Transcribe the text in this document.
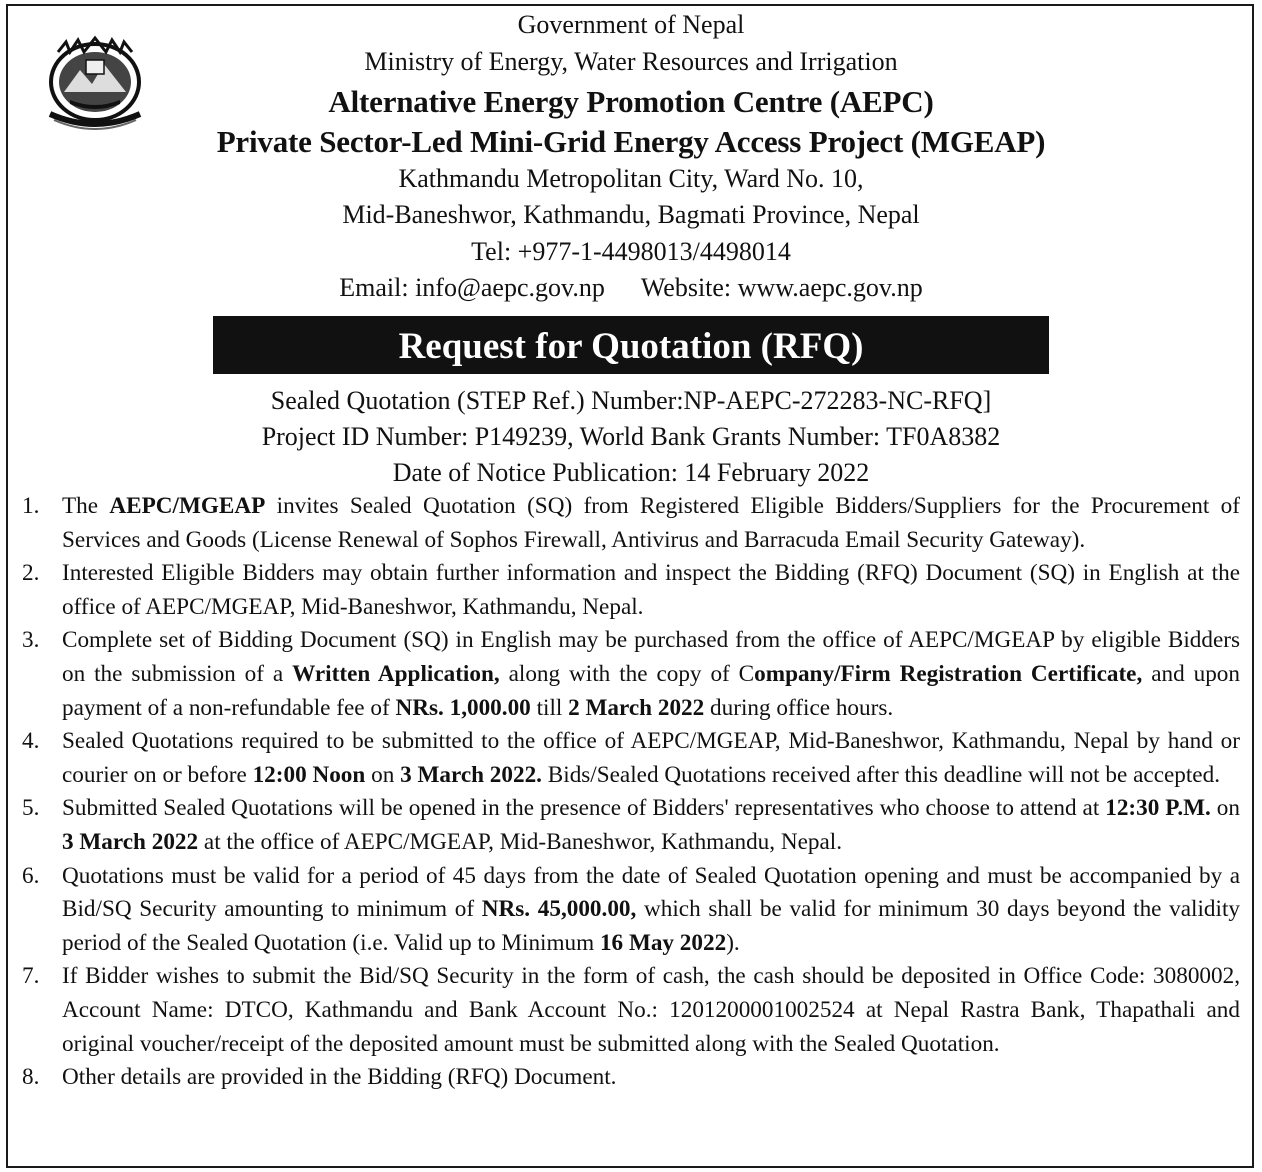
Government of Nepal
Ministry of Energy, Water Resources and Irrigation
Alternative Energy Promotion Centre (AEPC)
Private Sector-Led Mini-Grid Energy Access Project (MGEAP)
Kathmandu Metropolitan City, Ward No. 10,
Mid-Baneshwor, Kathmandu, Bagmati Province, Nepal
Tel: +977-1-4498013/4498014
Email: info@aepc.gov.np Website: www.aepc.gov.np
Request for Quotation (RFQ)
Sealed Quotation (STEP Ref.) Number:NP-AEPC-272283-NC-RFQ]
Project ID Number: P149239, World Bank Grants Number: TF0A8382
Date of Notice Publication: 14 February 2022
1. The AEPC/MGEAP invites Sealed Quotation (SQ) from Registered Eligible Bidders/Suppliers for the Procurement of Services and Goods (License Renewal of Sophos Firewall, Antivirus and Barracuda Email Security Gateway).
2. Interested Eligible Bidders may obtain further information and inspect the Bidding (RFQ) Document (SQ) in English at the office of AEPC/MGEAP, Mid-Baneshwor, Kathmandu, Nepal.
3. Complete set of Bidding Document (SQ) in English may be purchased from the office of AEPC/MGEAP by eligible Bidders on the submission of a Written Application, along with the copy of Company/Firm Registration Certificate, and upon payment of a non-refundable fee of NRs. 1,000.00 till 2 March 2022 during office hours.
4. Sealed Quotations required to be submitted to the office of AEPC/MGEAP, Mid-Baneshwor, Kathmandu, Nepal by hand or courier on or before 12:00 Noon on 3 March 2022. Bids/Sealed Quotations received after this deadline will not be accepted.
5. Submitted Sealed Quotations will be opened in the presence of Bidders' representatives who choose to attend at 12:30 P.M. on 3 March 2022 at the office of AEPC/MGEAP, Mid-Baneshwor, Kathmandu, Nepal.
6. Quotations must be valid for a period of 45 days from the date of Sealed Quotation opening and must be accompanied by a Bid/SQ Security amounting to minimum of NRs. 45,000.00, which shall be valid for minimum 30 days beyond the validity period of the Sealed Quotation (i.e. Valid up to Minimum 16 May 2022).
7. If Bidder wishes to submit the Bid/SQ Security in the form of cash, the cash should be deposited in Office Code: 3080002, Account Name: DTCO, Kathmandu and Bank Account No.: 1201200001002524 at Nepal Rastra Bank, Thapathali and original voucher/receipt of the deposited amount must be submitted along with the Sealed Quotation.
8. Other details are provided in the Bidding (RFQ) Document.
